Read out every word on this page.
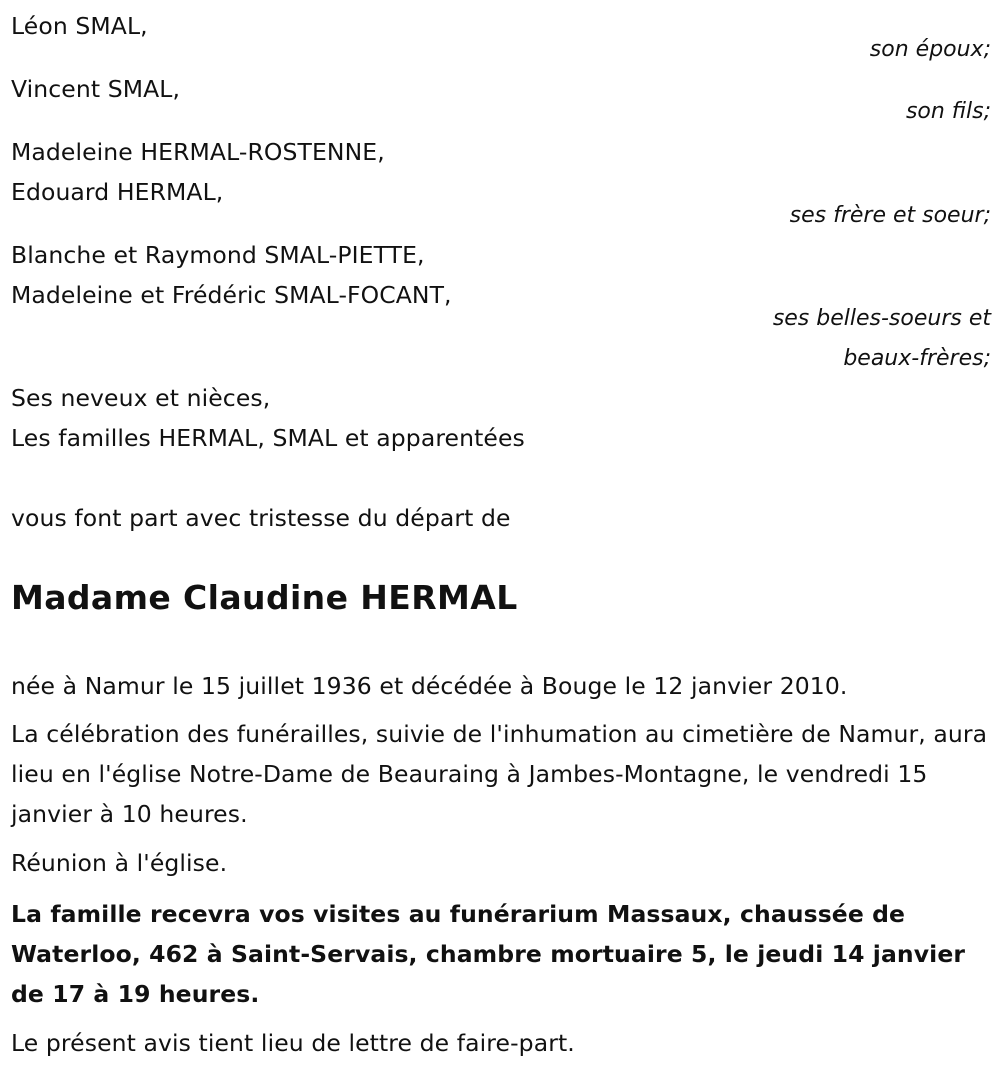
Léon SMAL,
son époux;
Vincent SMAL,
son fils;
Madeleine HERMAL-ROSTENNE,
Edouard HERMAL,
ses frère et soeur;
Blanche et Raymond SMAL-PIETTE,
Madeleine et Frédéric SMAL-FOCANT,
ses belles-soeurs et
beaux-frères;
Ses neveux et nièces,
Les familles HERMAL, SMAL et apparentées
vous font part avec tristesse du départ de
Madame Claudine HERMAL
née à Namur le 15 juillet 1936 et décédée à Bouge le 12 janvier 2010.
La célébration des funérailles, suivie de l'inhumation au cimetière de Namur, aura lieu en l'église Notre-Dame de Beauraing à Jambes-Montagne, le vendredi 15 janvier à 10 heures.
Réunion à l'église.
La famille recevra vos visites au funérarium Massaux, chaussée de Waterloo, 462 à Saint-Servais, chambre mortuaire 5, le jeudi 14 janvier de 17 à 19 heures.
Le présent avis tient lieu de lettre de faire-part.
